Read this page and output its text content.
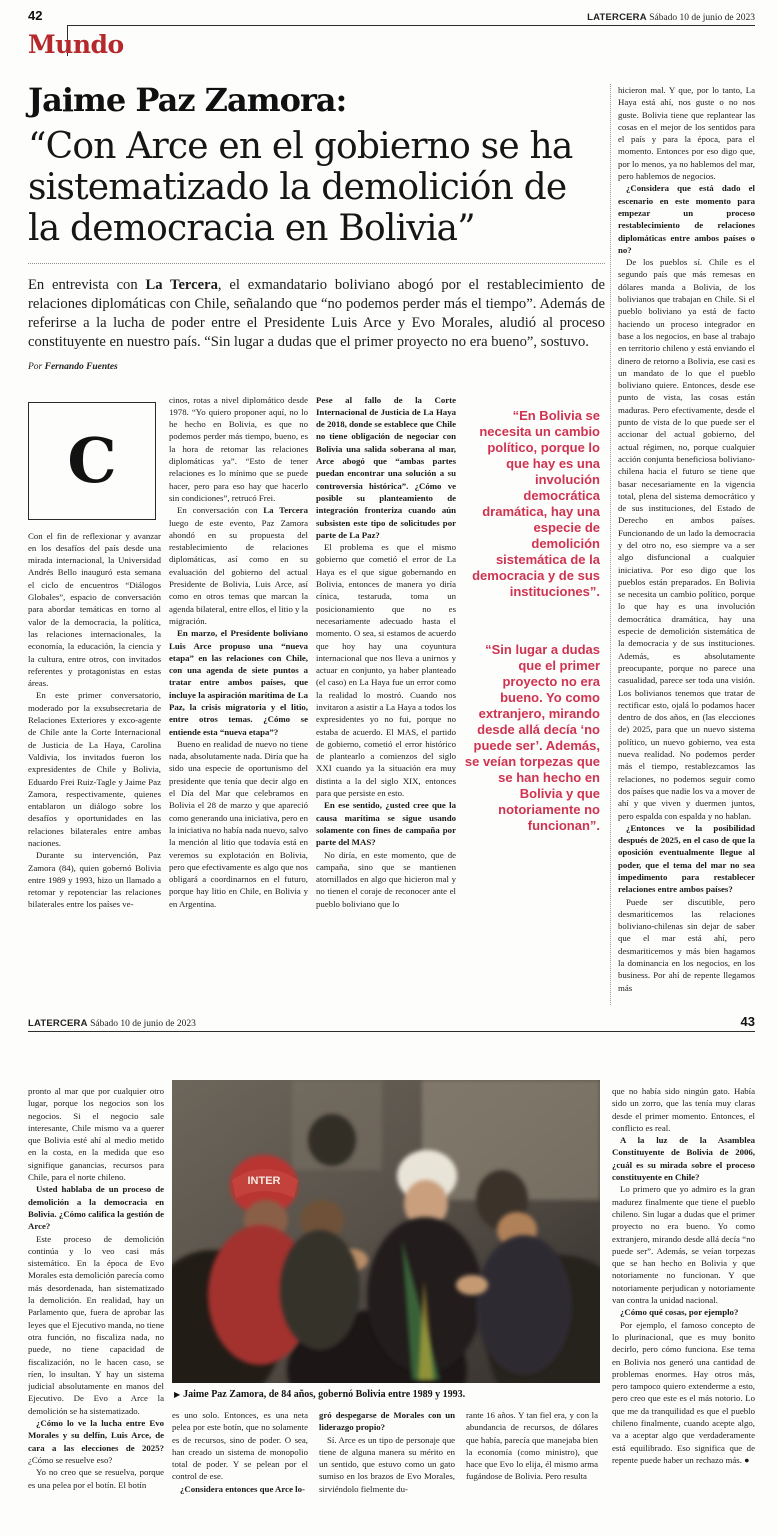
42	LATERCERA Sábado 10 de junio de 2023
Mundo
Jaime Paz Zamora:
“Con Arce en el gobierno se ha sistematizado la demolición de la democracia en Bolivia”

En entrevista con La Tercera, el exmandatario boliviano abogó por el restablecimiento de relaciones diplomáticas con Chile, señalando que “no podemos perder más el tiempo”. Además de referirse a la lucha de poder entre el Presidente Luis Arce y Evo Morales, aludió al proceso constituyente en nuestro país. “Sin lugar a dudas que el primer proyecto no era bueno”, sostuvo.

Por Fernando Fuentes

C

Con el fin de reflexionar y avanzar en los desafíos del país desde una mirada internacional, la Universidad Andrés Bello inauguró esta semana el ciclo de encuentros “Diálogos Globales”, espacio de conversación para abordar temáticas en torno al valor de la democracia, la política, las relaciones internacionales, la economía, la educación, la ciencia y la cultura, entre otros, con invitados referentes y protagonistas en estas áreas.

En este primer conversatorio, moderado por la exsubsecretaria de Relaciones Exteriores y exco-agente de Chile ante la Corte Internacional de Justicia de La Haya, Carolina Valdivia, los invitados fueron los expresidentes de Chile y Bolivia, Eduardo Frei Ruiz-Tagle y Jaime Paz Zamora, respectivamente, quienes entablaron un diálogo sobre los desafíos y oportunidades en las relaciones bilaterales entre ambas naciones.

Durante su intervención, Paz Zamora (84), quien gobernó Bolivia entre 1989 y 1993, hizo un llamado a retomar y repotenciar las relaciones bilaterales entre los países ve-

cinos, rotas a nivel diplomático desde 1978. “Yo quiero proponer aquí, no lo he hecho en Bolivia, es que no podemos perder más tiempo, bueno, es la hora de retomar las relaciones diplomáticas ya”. “Esto de tener relaciones es lo mínimo que se puede hacer, pero para eso hay que hacerlo sin condiciones”, retrucó Frei.

En conversación con La Tercera luego de este evento, Paz Zamora ahondó en su propuesta del restablecimiento de relaciones diplomáticas, así como en su evaluación del gobierno del actual Presidente de Bolivia, Luis Arce, así como en otros temas que marcan la agenda bilateral, entre ellos, el litio y la migración.

En marzo, el Presidente boliviano Luis Arce propuso una “nueva etapa” en las relaciones con Chile, con una agenda de siete puntos a tratar entre ambos países, que incluye la aspiración marítima de La Paz, la crisis migratoria y el litio, entre otros temas. ¿Cómo se entiende esta “nueva etapa”?

Bueno en realidad de nuevo no tiene nada, absolutamente nada. Diría que ha sido una especie de oportunismo del presidente que tenía que decir algo en el Día del Mar que celebramos en Bolivia el 28 de marzo y que apareció como generando una iniciativa, pero en la iniciativa no había nada nuevo, salvo la mención al litio que todavía está en veremos su explotación en Bolivia, pero que efectivamente es algo que nos obligará a coordinarnos en el futuro, porque hay litio en Chile, en Bolivia y en Argentina.

Pese al fallo de la Corte Internacional de Justicia de La Haya de 2018, donde se establece que Chile no tiene obligación de negociar con Bolivia una salida soberana al mar, Arce abogó que “ambas partes puedan encontrar una solución a su controversia histórica”. ¿Cómo ve posible su planteamiento de integración fronteriza cuando aún subsisten este tipo de solicitudes por parte de La Paz?

El problema es que el mismo gobierno que cometió el error de La Haya es el que sigue gobernando en Bolivia, entonces de manera yo diría cínica, testaruda, toma un posicionamiento que no es necesariamente adecuado hasta el momento. O sea, si estamos de acuerdo que hoy hay una coyuntura internacional que nos lleva a unirnos y actuar en conjunto, ya haber planteado (el caso) en La Haya fue un error como la realidad lo mostró. Cuando nos invitaron a asistir a La Haya a todos los expresidentes yo no fui, porque no estaba de acuerdo. El MAS, el partido de gobierno, cometió el error histórico de plantearlo a comienzos del siglo XXI cuando ya la situación era muy distinta a la del siglo XIX, entonces para que persiste en esto.

En ese sentido, ¿usted cree que la causa marítima se sigue usando solamente con fines de campaña por parte del MAS?

No diría, en este momento, que de campaña, sino que se mantienen atornillados en algo que hicieron mal y no tienen el coraje de reconocer ante el pueblo boliviano que lo

“En Bolivia se necesita un cambio político, porque lo que hay es una involución democrática dramática, hay una especie de demolición sistemática de la democracia y de sus instituciones”.

“Sin lugar a dudas que el primer proyecto no era bueno. Yo como extranjero, mirando desde allá decía ‘no puede ser’. Además, se veían torpezas que se han hecho en Bolivia y que notoriamente no funcionan”.

hicieron mal. Y que, por lo tanto, La Haya está ahí, nos guste o no nos guste. Bolivia tiene que replantear las cosas en el mejor de los sentidos para el país y para la época, para el momento. Entonces por eso digo que, por lo menos, ya no hablemos del mar, pero hablemos de negocios.

¿Considera que está dado el escenario en este momento para empezar un proceso restablecimiento de relaciones diplomáticas entre ambos países o no?

De los pueblos sí. Chile es el segundo país que más remesas en dólares manda a Bolivia, de los bolivianos que trabajan en Chile. Si el pueblo boliviano ya está de facto haciendo un proceso integrador en base a los negocios, en base al trabajo en territorio chileno y está enviando el dinero de retorno a Bolivia, ese casi es un mandato de lo que el pueblo boliviano quiere. Entonces, desde ese punto de vista, las cosas están maduras. Pero efectivamente, desde el punto de vista de lo que puede ser el accionar del actual gobierno, del actual régimen, no, porque cualquier acción conjunta beneficiosa boliviano-chilena hacia el futuro se tiene que basar necesariamente en la vigencia total, plena del sistema democrático y de sus instituciones, del Estado de Derecho en ambos países. Funcionando de un lado la democracia y del otro no, eso siempre va a ser algo disfuncional a cualquier iniciativa. Por eso digo que los pueblos están preparados. En Bolivia se necesita un cambio político, porque lo que hay es una involución democrática dramática, hay una especie de demolición sistemática de la democracia y de sus instituciones. Además, es absolutamente preocupante, porque no parece una casualidad, parece ser toda una visión. Los bolivianos tenemos que tratar de rectificar esto, ojalá lo podamos hacer dentro de dos años, en (las elecciones de) 2025, para que un nuevo sistema político, un nuevo gobierno, vea esta nueva realidad. No podemos perder más el tiempo, restablezcamos las relaciones, no podemos seguir como dos países que nadie los va a mover de ahí y que viven y duermen juntos, pero espalda con espalda y no hablan.

¿Entonces ve la posibilidad después de 2025, en el caso de que la oposición eventualmente llegue al poder, que el tema del mar no sea impedimento para restablecer relaciones entre ambos países?

Puede ser discutible, pero desmariticemos las relaciones boliviano-chilenas sin dejar de saber que el mar está ahí, pero desmariticemos y más bien hagamos la dominancia en los negocios, en los business. Por ahí de repente llegamos más

LATERCERA Sábado 10 de junio de 2023	43

pronto al mar que por cualquier otro lugar, porque los negocios son los negocios. Si el negocio sale interesante, Chile mismo va a querer que Bolivia esté ahí al medio metido en la costa, en la medida que eso signifique ganancias, recursos para Chile, para el norte chileno.

Usted hablaba de un proceso de demolición a la democracia en Bolivia. ¿Cómo califica la gestión de Arce?

Este proceso de demolición continúa y lo veo casi más sistemático. En la época de Evo Morales esta demolición parecía como más desordenada, han sistematizado la demolición. En realidad, hay un Parlamento que, fuera de aprobar las leyes que el Ejecutivo manda, no tiene otra función, no fiscaliza nada, no puede, no tiene capacidad de fiscalización, no le hacen caso, se ríen, lo insultan. Y hay un sistema judicial absolutamente en manos del Ejecutivo. De Evo a Arce la demolición se ha sistematizado.

¿Cómo lo ve la lucha entre Evo Morales y su delfín, Luis Arce, de cara a las elecciones de 2025? ¿Cómo se resuelve eso?

Yo no creo que se resuelva, porque es una pelea por el botín. El botín

INTER

▶ Jaime Paz Zamora, de 84 años, gobernó Bolivia entre 1989 y 1993.

es uno solo. Entonces, es una neta pelea por este botín, que no solamente es de recursos, sino de poder. O sea, han creado un sistema de monopolio total de poder. Y se pelean por el control de ese.

¿Considera entonces que Arce lo-

gró despegarse de Morales con un liderazgo propio?

Sí. Arce es un tipo de personaje que tiene de alguna manera su mérito en un sentido, que estuvo como un gato sumiso en los brazos de Evo Morales, sirviéndolo fielmente du-

rante 16 años. Y tan fiel era, y con la abundancia de recursos, de dólares que había, parecía que manejaba bien la economía (como ministro), que hace que Evo lo elija, él mismo arma fugándose de Bolivia. Pero resulta

que no había sido ningún gato. Había sido un zorro, que las tenía muy claras desde el primer momento. Entonces, el conflicto es real.

A la luz de la Asamblea Constituyente de Bolivia de 2006, ¿cuál es su mirada sobre el proceso constituyente en Chile?

Lo primero que yo admiro es la gran madurez finalmente que tiene el pueblo chileno. Sin lugar a dudas que el primer proyecto no era bueno. Yo como extranjero, mirando desde allá decía “no puede ser”. Además, se veían torpezas que se han hecho en Bolivia y que notoriamente no funcionan. Y que notoriamente perjudican y notoriamente van contra la unidad nacional.

¿Cómo qué cosas, por ejemplo?

Por ejemplo, el famoso concepto de lo plurinacional, que es muy bonito decirlo, pero cómo funciona. Ese tema en Bolivia nos generó una cantidad de problemas enormes. Hay otros más, pero tampoco quiero extenderme a esto, pero creo que este es el más notorio. Lo que me da tranquilidad es que el pueblo chileno finalmente, cuando acepte algo, va a aceptar algo que verdaderamente está equilibrado. Eso significa que de repente puede haber un rechazo más. ●
